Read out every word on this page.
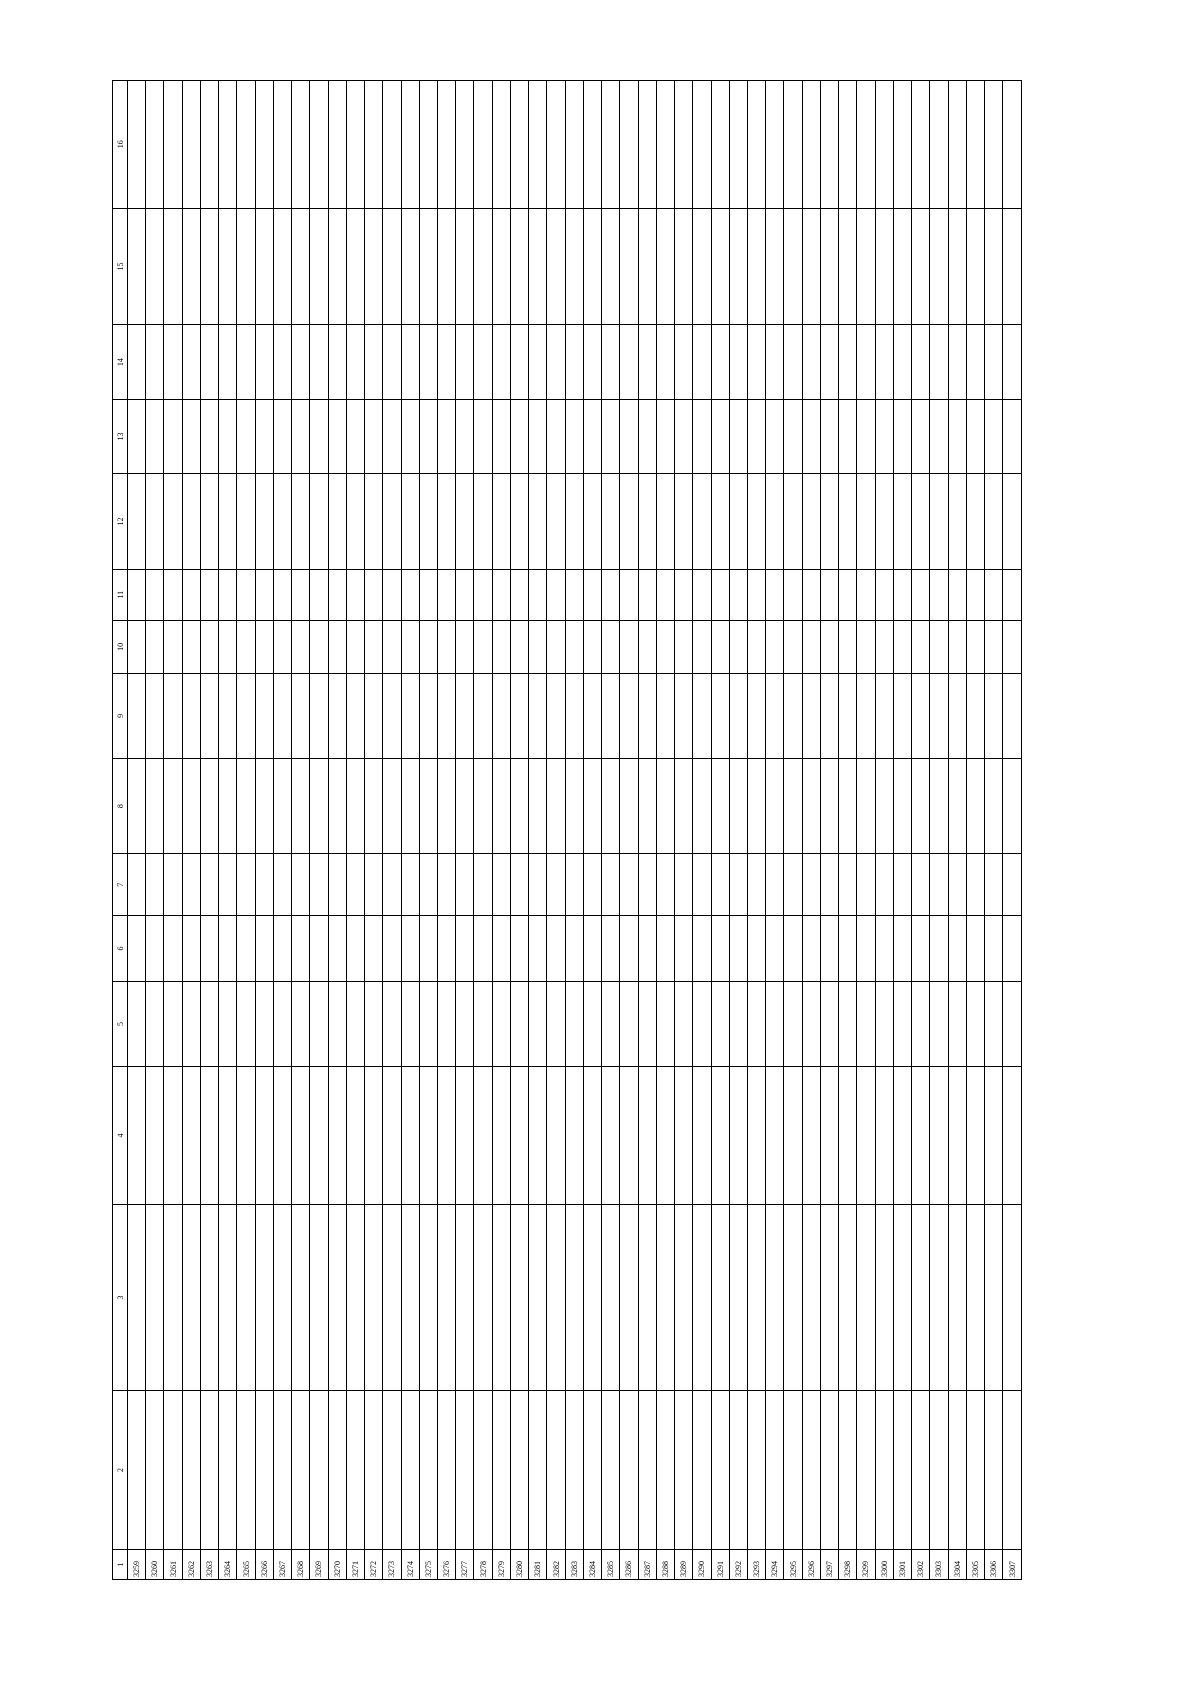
1	2	3	4	5	6	7	8	9	10	11	12	13	14	15	16
3259															
3260															
3261															
3262															
3263															
3264															
3265															
3266															
3267															
3268															
3269															
3270															
3271															
3272															
3273															
3274															
3275															
3276															
3277															
3278															
3279															
3280															
3281															
3282															
3283															
3284															
3285															
3286															
3287															
3288															
3289															
3290															
3291															
3292															
3293															
3294															
3295															
3296															
3297															
3298															
3299															
3300															
3301															
3302															
3303															
3304															
3305															
3306															
3307															
